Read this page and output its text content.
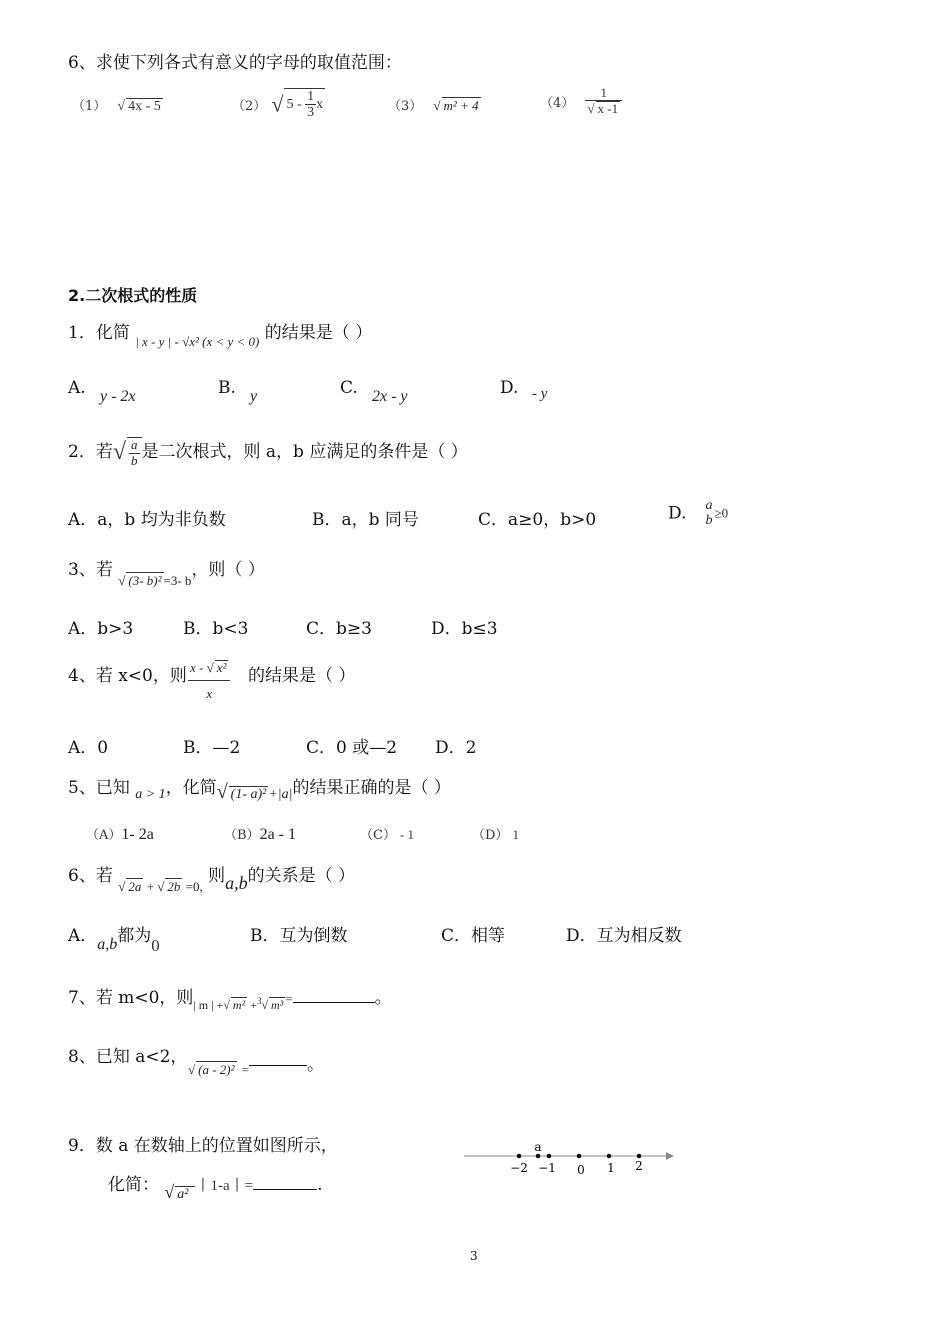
6、求使下列各式有意义的字母的取值范围：
（1） √ 4x - 5	（2） √ $5 - \frac{1}{3}$ x	（3） √ m² + 4	$(4) \frac{1}{√ x -1}$
2.二次根式的性质
1．化简 $_{| x - y | - √x^2 (x < y < 0)}$ 的结果是（ ）
A. y - 2x	B. y	C. 2x - y	D. - y
2．若√ $\frac{a}{b}$ 是二次根式，则 a，b 应满足的条件是（ ）
A．a，b 均为非负数	B．a，b 同号	C．a≥0，b>0	D. a
b
≥0
3、若 $_{√ (3- b)^2 =3- b}$，则（ ）
A．b>3	B．b<3	C．b≥3	D．b≤3
4、若 x<0，则 $\frac{\text{x - √ x²}}{x}$ 的结果是（ ）
A．0	B．—2	C．0 或—2 D．2
5、已知 $_{a > 1}$，化简$_{√ (1- a)^2 +|a|}$的结果正确的是（ ）
（A）1- 2a	（B）2a - 1	（C） - 1	（D） 1
6、若 $_{√ 2a + √ 2b =0,}$ 则a,b的关系是（ ）
A．a,b都为0	B．互为倒数	C．相等	D．互为相反数
7、若 m<0，则$_{| m | +√ m^2 +^3√ m^3}$ =	。
8、已知 a<2，
√ (a - 2)² =	。
9．数 a 在数轴上的位置如图所示，
化简： $_{√ a^2}$-丨1-a丨=	.
a
−2 −1 0 1 2
3
